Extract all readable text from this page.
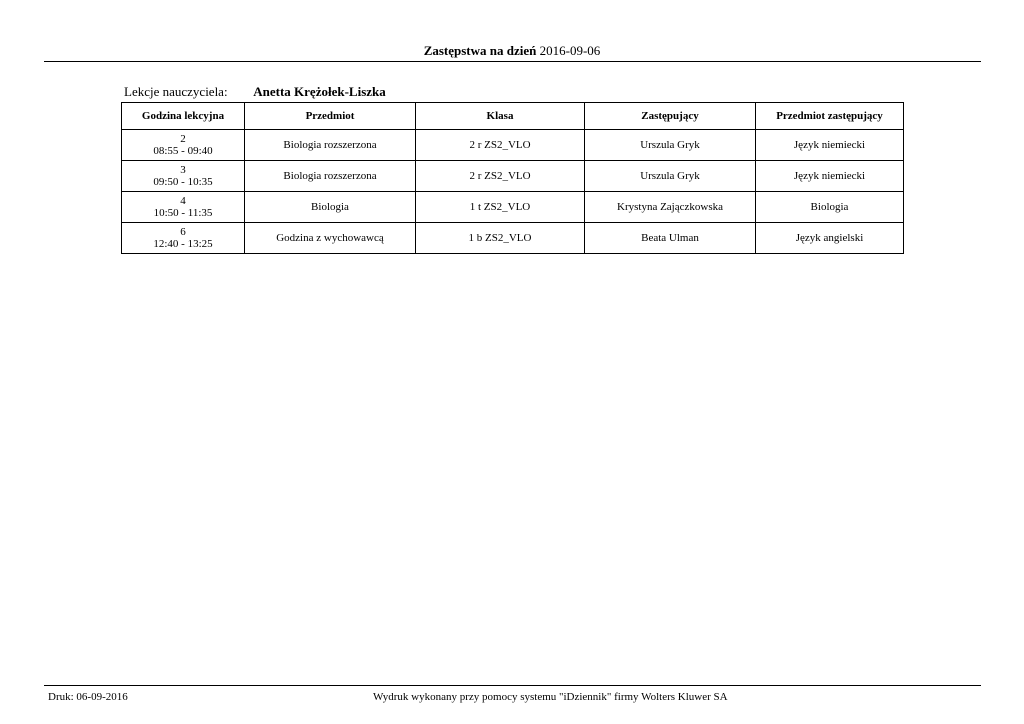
Zastępstwa na dzień 2016-09-06
Lekcje nauczyciela: Anetta Krężołek-Liszka
Godzina lekcyjna	Przedmiot	Klasa	Zastępujący	Przedmiot zastępujący

2
08:55 - 09:40	Biologia rozszerzona	2 r ZS2_VLO	Urszula Gryk	Język niemiecki

3
09:50 - 10:35	Biologia rozszerzona	2 r ZS2_VLO	Urszula Gryk	Język niemiecki

4
10:50 - 11:35	Biologia	1 t ZS2_VLO	Krystyna Zajączkowska	Biologia

6
12:40 - 13:25	Godzina z wychowawcą	1 b ZS2_VLO	Beata Ulman	Język angielski
Druk: 06-09-2016	Wydruk wykonany przy pomocy systemu "iDziennik" firmy Wolters Kluwer SA
